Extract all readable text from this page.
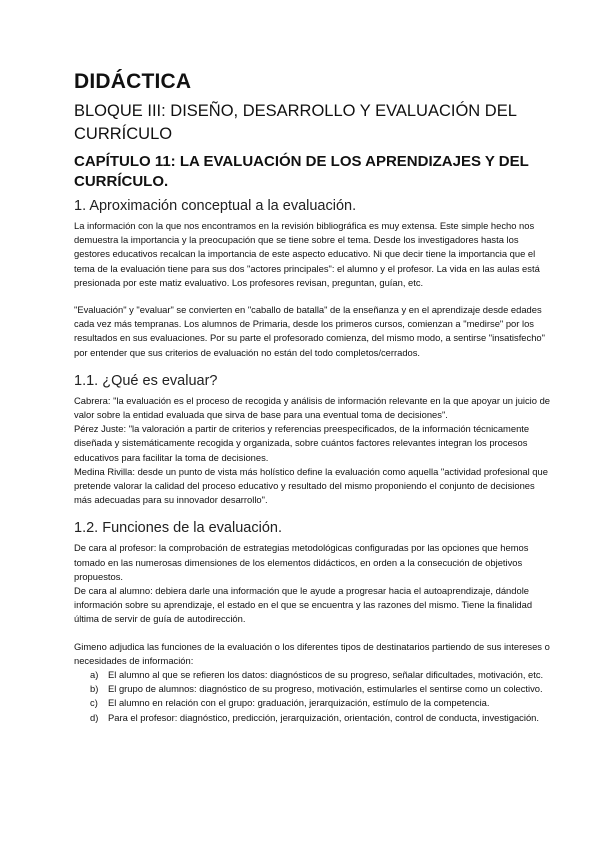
DIDÁCTICA
BLOQUE III: DISEÑO, DESARROLLO Y EVALUACIÓN DEL CURRÍCULO
CAPÍTULO 11: LA EVALUACIÓN DE LOS APRENDIZAJES Y DEL CURRÍCULO.
1. Aproximación conceptual a la evaluación.

La información con la que nos encontramos en la revisión bibliográfica es muy extensa. Este simple hecho nos demuestra la importancia y la preocupación que se tiene sobre el tema. Desde los investigadores hasta los gestores educativos recalcan la importancia de este aspecto educativo. Ni que decir tiene la importancia que el tema de la evaluación tiene para sus dos "actores principales": el alumno y el profesor. La vida en las aulas está presionada por este matiz evaluativo. Los profesores revisan, preguntan, guían, etc.

"Evaluación" y "evaluar" se convierten en "caballo de batalla" de la enseñanza y en el aprendizaje desde edades cada vez más tempranas. Los alumnos de Primaria, desde los primeros cursos, comienzan a "medirse" por los resultados en sus evaluaciones. Por su parte el profesorado comienza, del mismo modo, a sentirse "insatisfecho" por entender que sus criterios de evaluación no están del todo completos/cerrados.

1.1. ¿Qué es evaluar?

Cabrera: "la evaluación es el proceso de recogida y análisis de información relevante en la que apoyar un juicio de valor sobre la entidad evaluada que sirva de base para una eventual toma de decisiones".

Pérez Juste: "la valoración a partir de criterios y referencias preespecificados, de la información técnicamente diseñada y sistemáticamente recogida y organizada, sobre cuántos factores relevantes integran los procesos educativos para facilitar la toma de decisiones.

Medina Rivilla: desde un punto de vista más holístico define la evaluación como aquella "actividad profesional que pretende valorar la calidad del proceso educativo y resultado del mismo proponiendo el conjunto de decisiones más adecuadas para su innovador desarrollo".

1.2. Funciones de la evaluación.

De cara al profesor: la comprobación de estrategias metodológicas configuradas por las opciones que hemos tomado en las numerosas dimensiones de los elementos didácticos, en orden a la consecución de objetivos propuestos.

De cara al alumno: debiera darle una información que le ayude a progresar hacia el autoaprendizaje, dándole información sobre su aprendizaje, el estado en el que se encuentra y las razones del mismo. Tiene la finalidad última de servir de guía de autodirección.

Gimeno adjudica las funciones de la evaluación o los diferentes tipos de destinatarios partiendo de sus intereses o necesidades de información:

a)	El alumno al que se refieren los datos: diagnósticos de su progreso, señalar dificultades, motivación, etc.
b)	El grupo de alumnos: diagnóstico de su progreso, motivación, estimularles el sentirse como un colectivo.
c)	El alumno en relación con el grupo: graduación, jerarquización, estímulo de la competencia.
d)	Para el profesor: diagnóstico, predicción, jerarquización, orientación, control de conducta, investigación.
